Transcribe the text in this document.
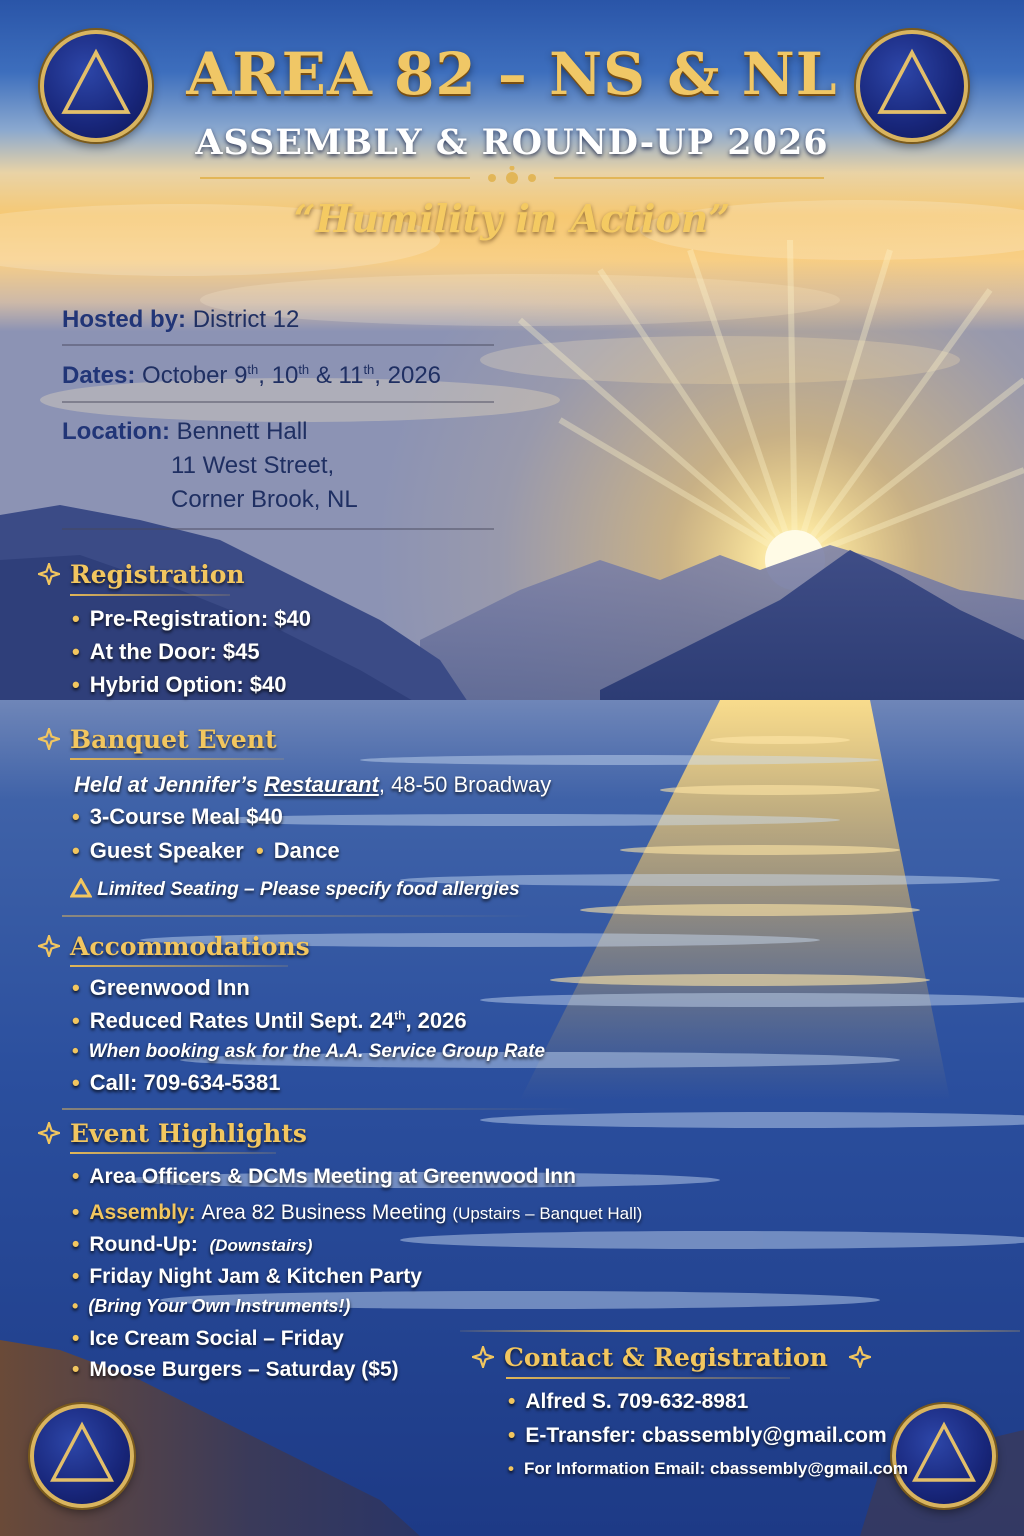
AREA 82 – NS & NL
ASSEMBLY & ROUND-UP 2026
“Humility in Action”
Hosted by: District 12
Dates: October 9th, 10th & 11th, 2026
Location: Bennett Hall
11 West Street,
Corner Brook, NL
Registration
• Pre-Registration: $40
• At the Door: $45
• Hybrid Option: $40
Banquet Event
Held at Jennifer’s Restaurant, 48-50 Broadway
• 3-Course Meal $40
• Guest Speaker • Dance
Limited Seating – Please specify food allergies
Accommodations
• Greenwood Inn
• Reduced Rates Until Sept. 24th, 2026
• When booking ask for the A.A. Service Group Rate
• Call: 709-634-5381
Event Highlights
• Area Officers & DCMs Meeting at Greenwood Inn
• Assembly: Area 82 Business Meeting (Upstairs – Banquet Hall)
• Round-Up: (Downstairs)
• Friday Night Jam & Kitchen Party
• (Bring Your Own Instruments!)
• Ice Cream Social – Friday
• Moose Burgers – Saturday ($5)	Contact & Registration
• Alfred S. 709-632-8981
• E-Transfer: cbassembly@gmail.com
• For Information Email: cbassembly@gmail.com
